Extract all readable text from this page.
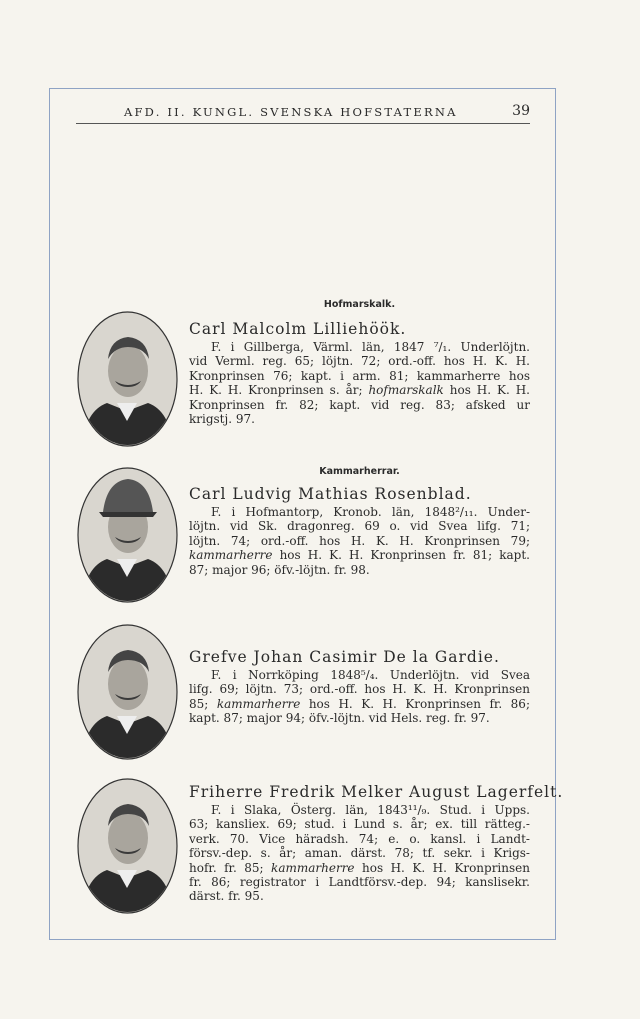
AFD. II. KUNGL. SVENSKA HOFSTATERNA	39
Hofmarskalk.
Kammarherrar.
Carl Malcolm Lilliehöök.
F. i Gillberga, Värml. län, 1847 ⁷/₁. Underlöjtn.
vid Verml. reg. 65; löjtn. 72; ord.-off. hos H. K. H.
Kronprinsen 76; kapt. i arm. 81; kammarherre hos
H. K. H. Kronprinsen s. år; hofmarskalk hos H. K. H.
Kronprinsen fr. 82; kapt. vid reg. 83; afsked ur
krigstj. 97.
Carl Ludvig Mathias Rosenblad.
F. i Hofmantorp, Kronob. län, 1848²/₁₁. Under-
löjtn. vid Sk. dragonreg. 69 o. vid Svea lifg. 71;
löjtn. 74; ord.-off. hos H. K. H. Kronprinsen 79;
kammarherre hos H. K. H. Kronprinsen fr. 81; kapt.
87; major 96; öfv.-löjtn. fr. 98.
Grefve Johan Casimir De la Gardie.
F. i Norrköping 1848⁵/₄. Underlöjtn. vid Svea
lifg. 69; löjtn. 73; ord.-off. hos H. K. H. Kronprinsen
85; kammarherre hos H. K. H. Kronprinsen fr. 86;
kapt. 87; major 94; öfv.-löjtn. vid Hels. reg. fr. 97.
Friherre Fredrik Melker August Lagerfelt.
F. i Slaka, Österg. län, 1843¹¹/₉. Stud. i Upps.
63; kansliex. 69; stud. i Lund s. år; ex. till rätteg.-
verk. 70. Vice häradsh. 74; e. o. kansl. i Landt-
försv.-dep. s. år; aman. därst. 78; tf. sekr. i Krigs-
hofr. fr. 85; kammarherre hos H. K. H. Kronprinsen
fr. 86; registrator i Landtförsv.-dep. 94; kanslisekr.
därst. fr. 95.
